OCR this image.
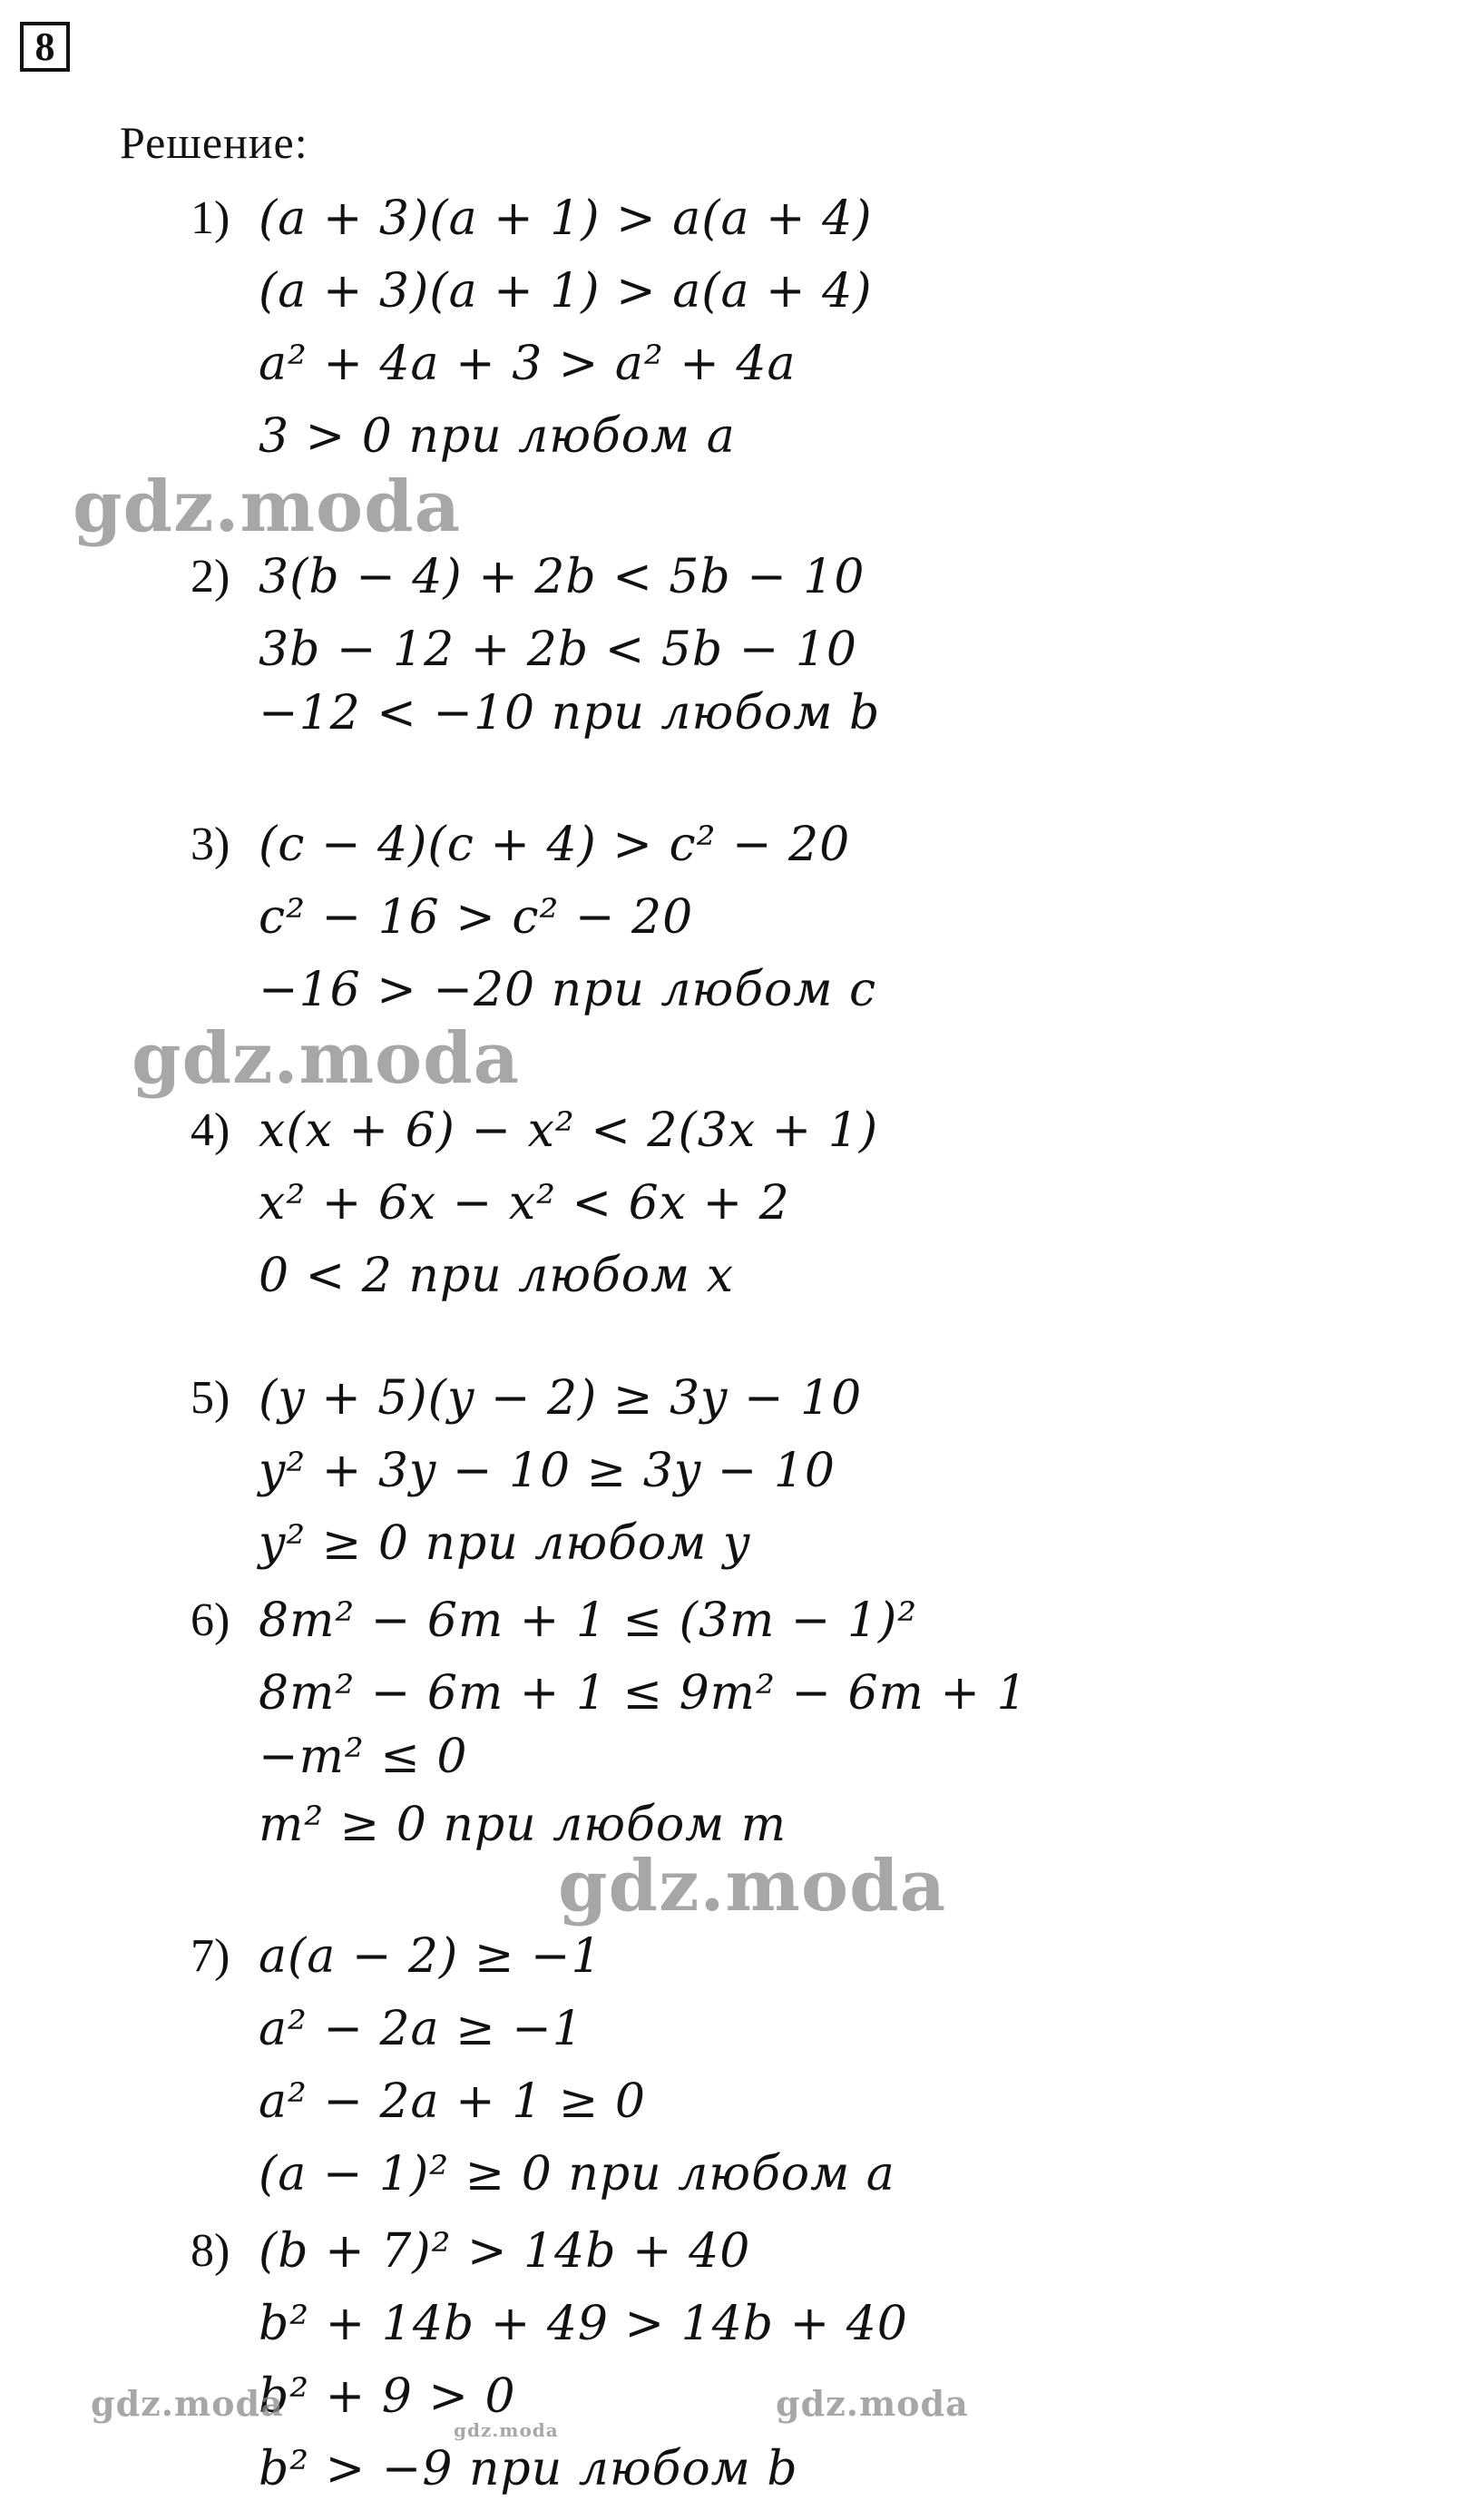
8
Решение:
1) (a + 3)(a + 1) > a(a + 4)
(a + 3)(a + 1) > a(a + 4)
a² + 4a + 3 > a² + 4a
3 > 0 при любом a
gdz.moda
2) 3(b − 4) + 2b < 5b − 10
3b − 12 + 2b < 5b − 10
−12 < −10 при любом b
3) (c − 4)(c + 4) > c² − 20
c² − 16 > c² − 20
−16 > −20 при любом c
gdz.moda
4) x(x + 6) − x² < 2(3x + 1)
x² + 6x − x² < 6x + 2
0 < 2 при любом x
5) (y + 5)(y − 2) ≥ 3y − 10
y² + 3y − 10 ≥ 3y − 10
y² ≥ 0 при любом y
6) 8m² − 6m + 1 ≤ (3m − 1)²
8m² − 6m + 1 ≤ 9m² − 6m + 1
−m² ≤ 0
m² ≥ 0 при любом m
gdz.moda
7) a(a − 2) ≥ −1
a² − 2a ≥ −1
a² − 2a + 1 ≥ 0
(a − 1)² ≥ 0 при любом a
8) (b + 7)² > 14b + 40
b² + 14b + 49 > 14b + 40
b² + 9 > 0
b² > −9 при любом b
gdz.moda
gdz.moda
gdz.moda
